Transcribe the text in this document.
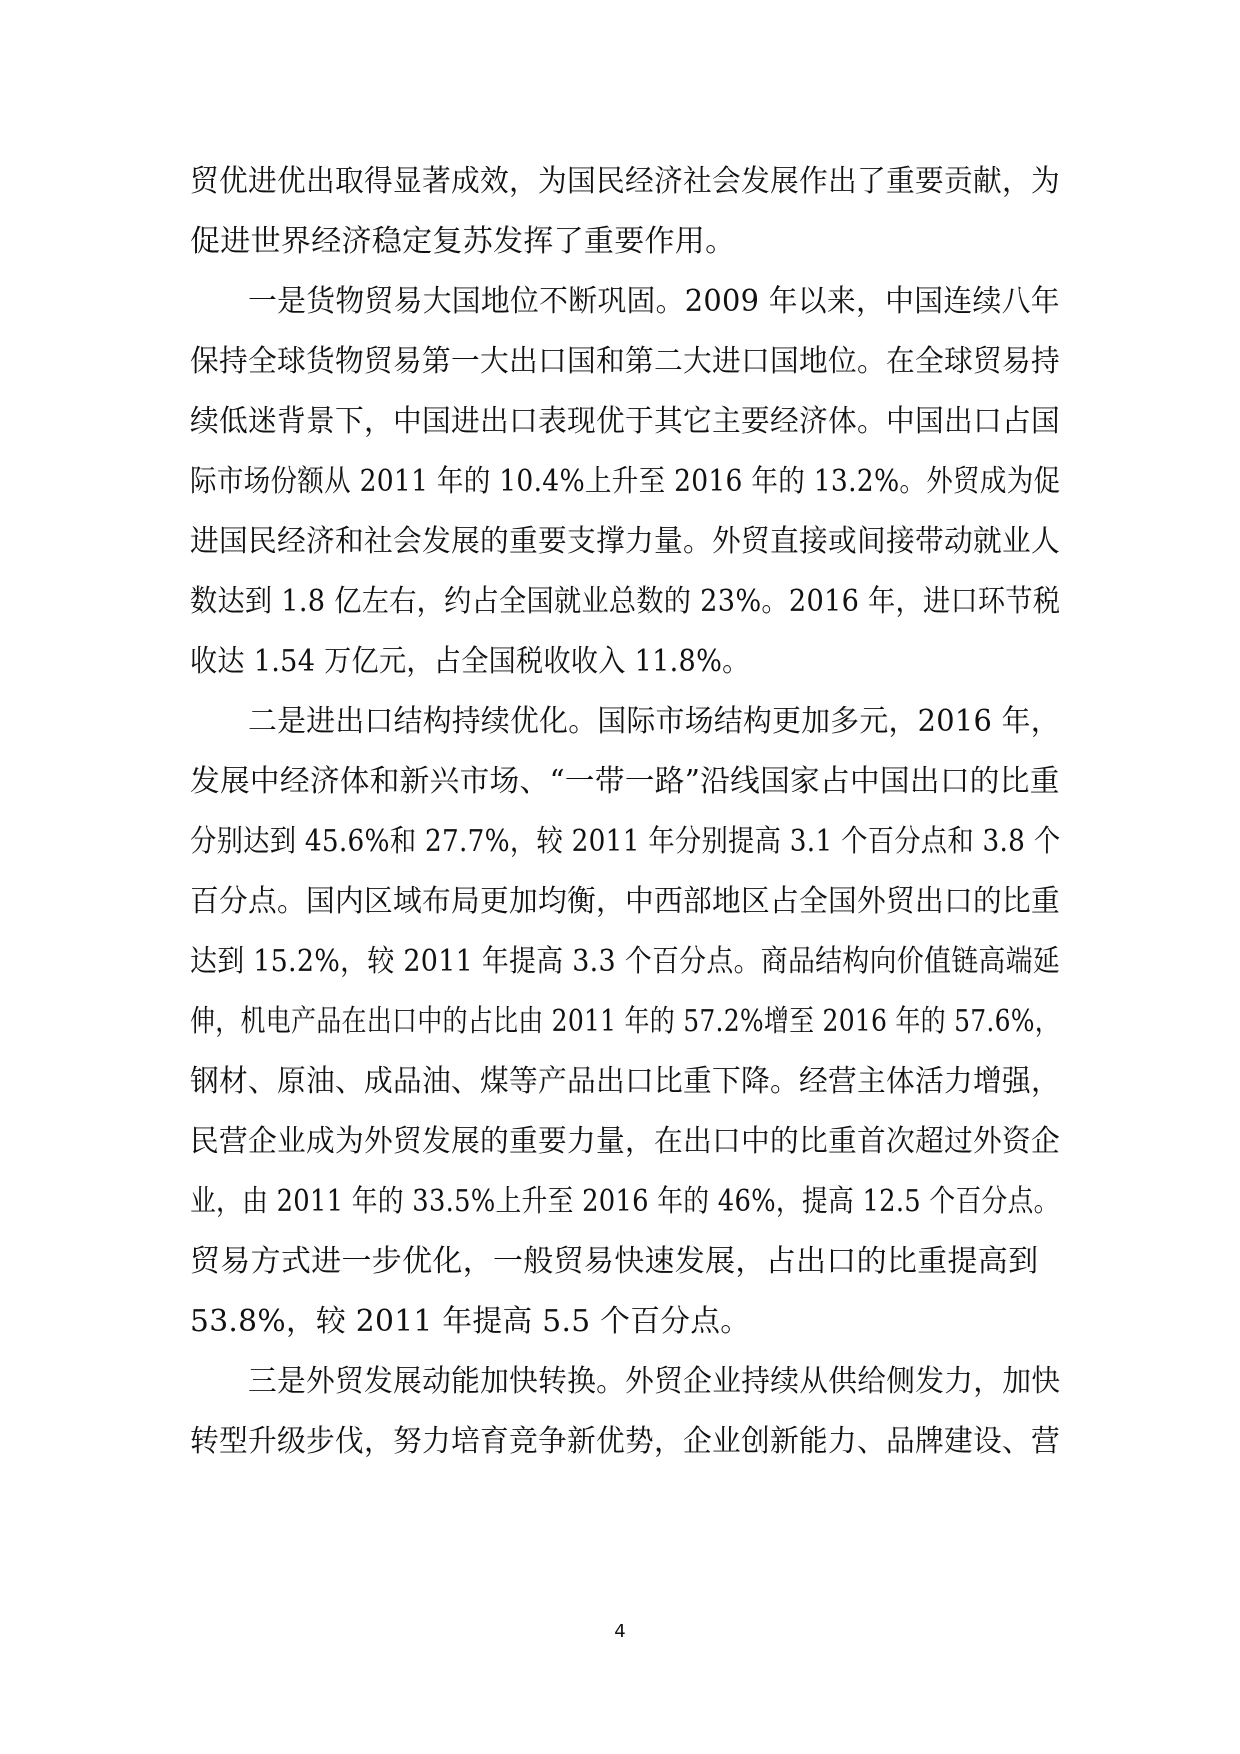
贸优进优出取得显著成效，为国民经济社会发展作出了重要贡献，为
促进世界经济稳定复苏发挥了重要作用。
一是货物贸易大国地位不断巩固。2009 年以来，中国连续八年
保持全球货物贸易第一大出口国和第二大进口国地位。在全球贸易持
续低迷背景下，中国进出口表现优于其它主要经济体。中国出口占国
际市场份额从 2011 年的 10.4%上升至 2016 年的 13.2%。外贸成为促
进国民经济和社会发展的重要支撑力量。外贸直接或间接带动就业人
数达到 1.8 亿左右，约占全国就业总数的 23%。2016 年，进口环节税
收达 1.54 万亿元，占全国税收收入 11.8%。
二是进出口结构持续优化。国际市场结构更加多元，2016 年，
发展中经济体和新兴市场、“一带一路”沿线国家占中国出口的比重
分别达到 45.6%和 27.7%，较 2011 年分别提高 3.1 个百分点和 3.8 个
百分点。国内区域布局更加均衡，中西部地区占全国外贸出口的比重
达到 15.2%，较 2011 年提高 3.3 个百分点。商品结构向价值链高端延
伸，机电产品在出口中的占比由 2011 年的 57.2%增至 2016 年的 57.6%，
钢材、原油、成品油、煤等产品出口比重下降。经营主体活力增强，
民营企业成为外贸发展的重要力量，在出口中的比重首次超过外资企
业，由 2011 年的 33.5%上升至 2016 年的 46%，提高 12.5 个百分点。
贸易方式进一步优化，一般贸易快速发展，占出口的比重提高到
53.8%，较 2011 年提高 5.5 个百分点。
三是外贸发展动能加快转换。外贸企业持续从供给侧发力，加快
转型升级步伐，努力培育竞争新优势，企业创新能力、品牌建设、营
4
